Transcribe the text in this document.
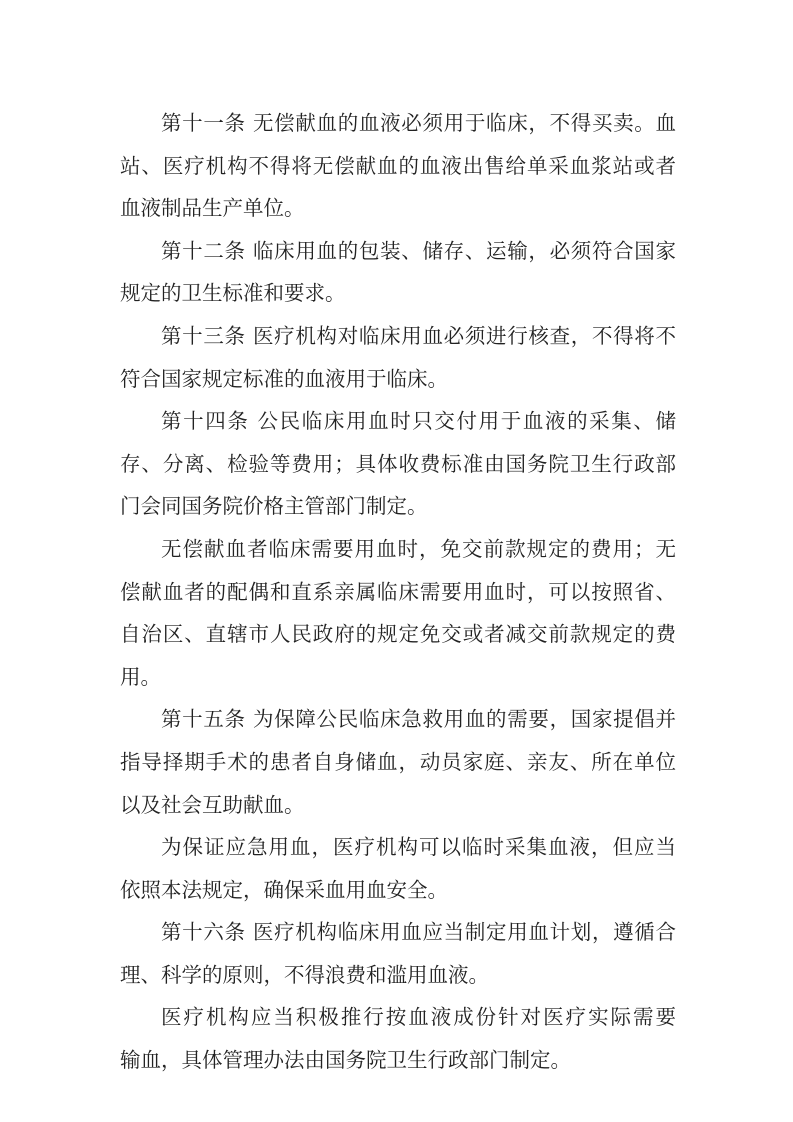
第十一条 无偿献血的血液必须用于临床，不得买卖。血
站、医疗机构不得将无偿献血的血液出售给单采血浆站或者
血液制品生产单位。

第十二条 临床用血的包装、储存、运输，必须符合国家
规定的卫生标准和要求。

第十三条 医疗机构对临床用血必须进行核查，不得将不
符合国家规定标准的血液用于临床。

第十四条 公民临床用血时只交付用于血液的采集、储
存、分离、检验等费用；具体收费标准由国务院卫生行政部
门会同国务院价格主管部门制定。

无偿献血者临床需要用血时，免交前款规定的费用；无
偿献血者的配偶和直系亲属临床需要用血时，可以按照省、
自治区、直辖市人民政府的规定免交或者减交前款规定的费
用。

第十五条 为保障公民临床急救用血的需要，国家提倡并
指导择期手术的患者自身储血，动员家庭、亲友、所在单位
以及社会互助献血。

为保证应急用血，医疗机构可以临时采集血液，但应当
依照本法规定，确保采血用血安全。

第十六条 医疗机构临床用血应当制定用血计划，遵循合
理、科学的原则，不得浪费和滥用血液。

医疗机构应当积极推行按血液成份针对医疗实际需要
输血，具体管理办法由国务院卫生行政部门制定。
